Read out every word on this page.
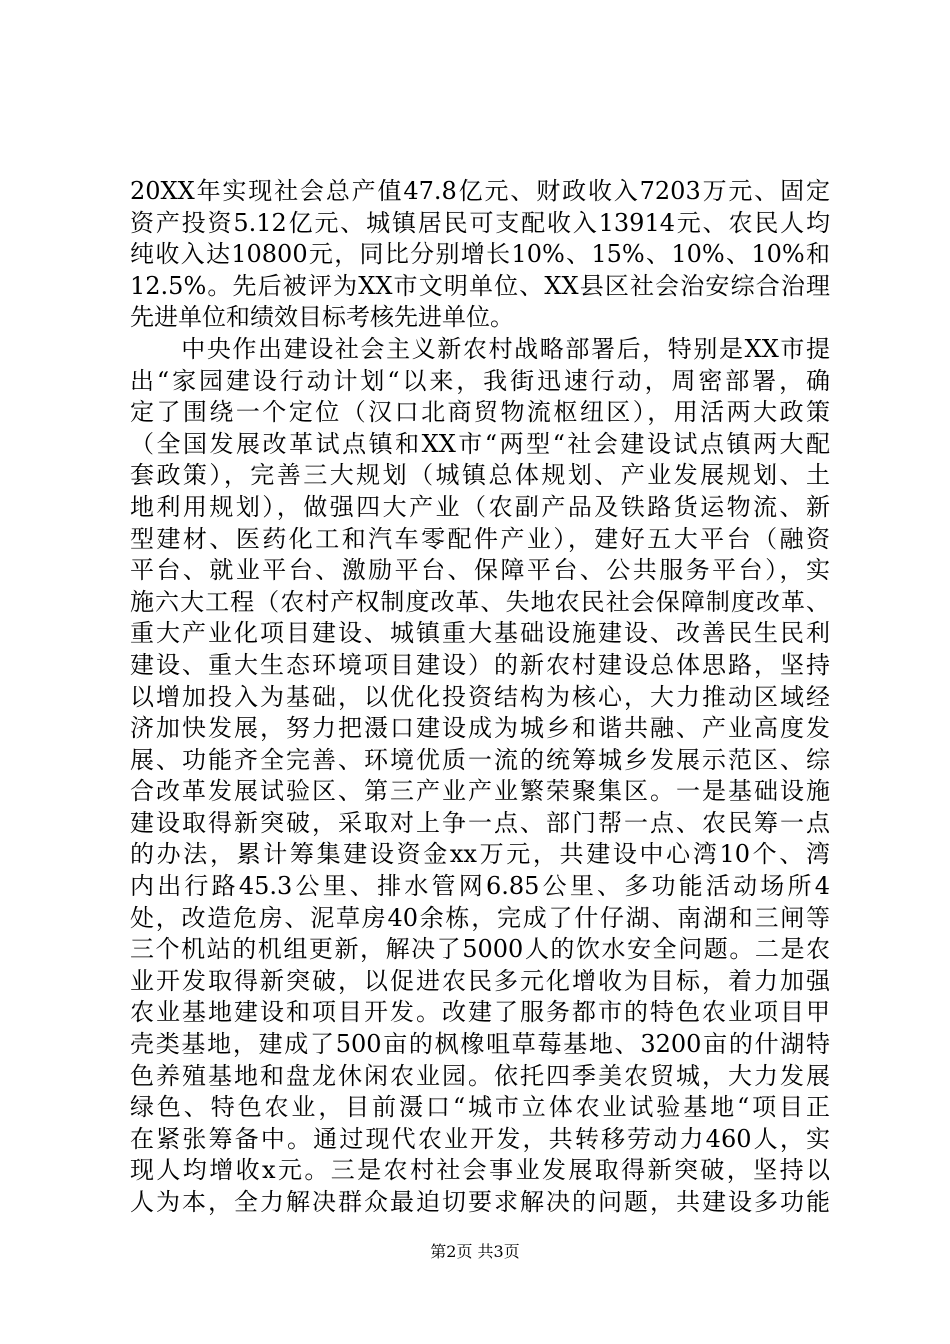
20XX年实现社会总产值47.8亿元、财政收入7203万元、固定
资产投资5.12亿元、城镇居民可支配收入13914元、农民人均
纯收入达10800元，同比分别增长10%、15%、10%、10%和
12.5%。先后被评为XX市文明单位、XX县区社会治安综合治理
先进单位和绩效目标考核先进单位。
　　中央作出建设社会主义新农村战略部署后，特别是XX市提
出“家园建设行动计划“以来，我街迅速行动，周密部署，确
定了围绕一个定位（汉口北商贸物流枢纽区），用活两大政策
（全国发展改革试点镇和XX市“两型“社会建设试点镇两大配
套政策），完善三大规划（城镇总体规划、产业发展规划、土
地利用规划），做强四大产业（农副产品及铁路货运物流、新
型建材、医药化工和汽车零配件产业），建好五大平台（融资
平台、就业平台、激励平台、保障平台、公共服务平台），实
施六大工程（农村产权制度改革、失地农民社会保障制度改革、
重大产业化项目建设、城镇重大基础设施建设、改善民生民利
建设、重大生态环境项目建设）的新农村建设总体思路，坚持
以增加投入为基础，以优化投资结构为核心，大力推动区域经
济加快发展，努力把滠口建设成为城乡和谐共融、产业高度发
展、功能齐全完善、环境优质一流的统筹城乡发展示范区、综
合改革发展试验区、第三产业产业繁荣聚集区。一是基础设施
建设取得新突破，采取对上争一点、部门帮一点、农民筹一点
的办法，累计筹集建设资金xx万元，共建设中心湾10个、湾
内出行路45.3公里、排水管网6.85公里、多功能活动场所4
处，改造危房、泥草房40余栋，完成了什仔湖、南湖和三闸等
三个机站的机组更新，解决了5000人的饮水安全问题。二是农
业开发取得新突破，以促进农民多元化增收为目标，着力加强
农业基地建设和项目开发。改建了服务都市的特色农业项目甲
壳类基地，建成了500亩的枫橡咀草莓基地、3200亩的什湖特
色养殖基地和盘龙休闲农业园。依托四季美农贸城，大力发展
绿色、特色农业，目前滠口“城市立体农业试验基地“项目正
在紧张筹备中。通过现代农业开发，共转移劳动力460人，实
现人均增收x元。三是农村社会事业发展取得新突破，坚持以
人为本，全力解决群众最迫切要求解决的问题，共建设多功能
第2页 共3页
